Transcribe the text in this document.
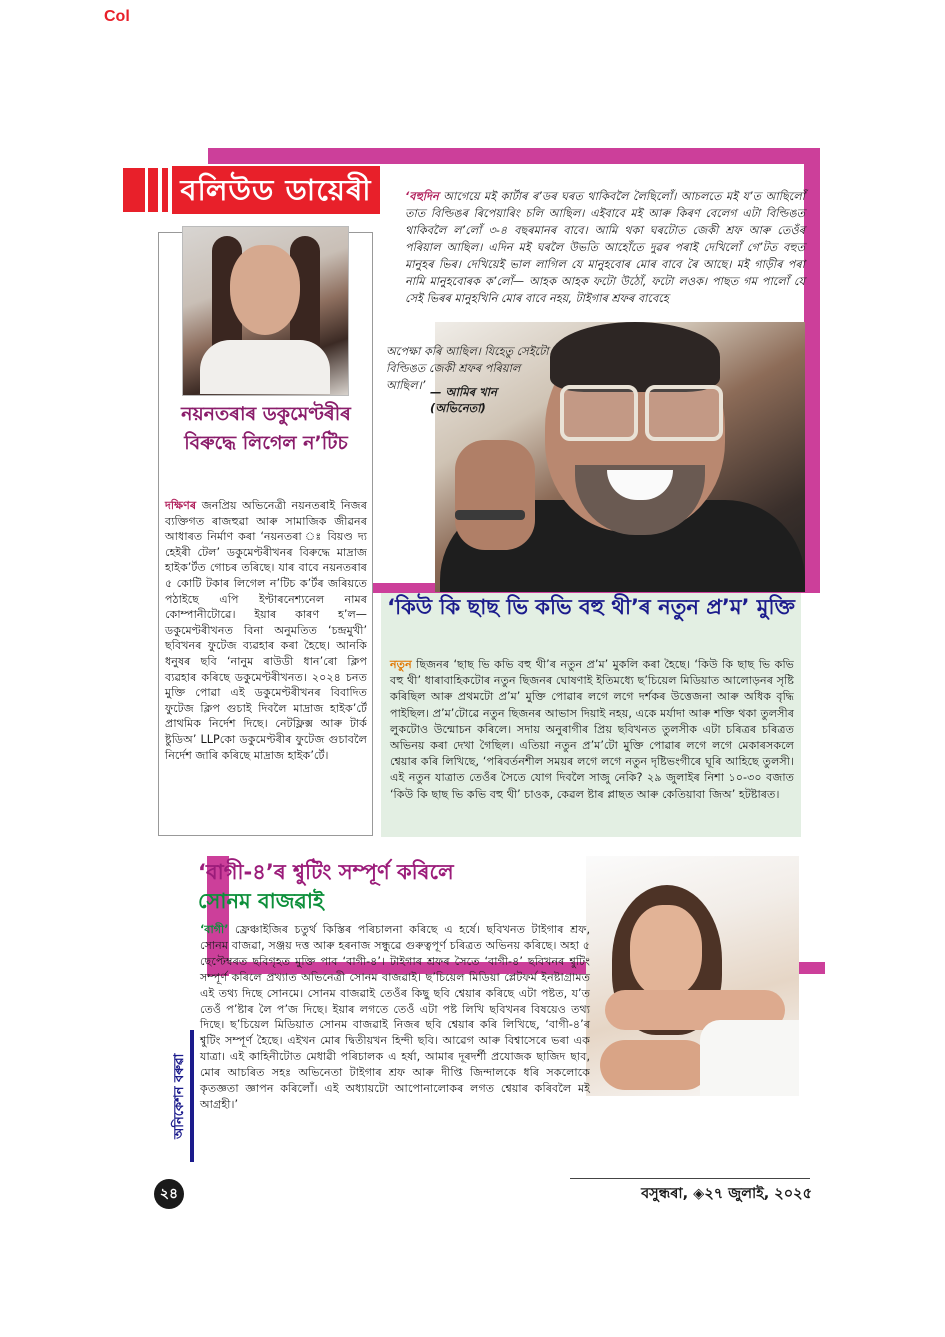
Col
বলিউড ডায়েৰী
নয়নতৰাৰ ডকুমেণ্টৰীৰ বিৰুদ্ধে লিগেল ন’টিচ
দক্ষিণৰ জনপ্ৰিয় অভিনেত্ৰী নয়নতৰাই নিজৰ ব্যক্তিগত ৰাজহুৱা আৰু সামাজিক জীৱনৰ আধাৰত নিৰ্মাণ কৰা ‘নয়নতৰা ঃ বিয়ণ্ড দ্য হেইৰী টেল’ ডকুমেণ্টৰীখনৰ বিৰুদ্ধে মাদ্ৰাজ হাইক’ৰ্টত গোচৰ তৰিছে। যাৰ বাবে নয়নতৰাৰ ৫ কোটি টকাৰ লিগেল ন’টিচ ক’ৰ্টৰ জৰিয়তে পঠাইছে এপি ইণ্টাৰনেশ্যনেল নামৰ কোম্পানীটোৱে। ইয়াৰ কাৰণ হ’ল— ডকুমেণ্টৰীখনত বিনা অনুমতিত ‘চন্দ্ৰমুখী’ ছবিখনৰ ফুটেজ ব্যৱহাৰ কৰা হৈছে। আনকি ধনুষৰ ছবি ‘নানুম ৰাউডী ধান’ৰো ক্লিপ ব্যৱহাৰ কৰিছে ডকুমেণ্টৰীখনত। ২০২৪ চনত মুক্তি পোৱা এই ডকুমেণ্টৰীখনৰ বিবাদিত ফুটেজ ক্লিপ গুচাই দিবলৈ মাদ্ৰাজ হাইক’ৰ্টে প্ৰাথমিক নিৰ্দেশ দিছে। নেটফ্লিক্স আৰু টাৰ্ক ষ্টুডিঅ’ LLPকো ডকুমেণ্টৰীৰ ফুটেজ গুচাবলৈ নিৰ্দেশ জাৰি কৰিছে মাদ্ৰাজ হাইক’ৰ্টে।
‘বহুদিন আগেয়ে মই কাৰ্টাৰ ৰ’ডৰ ঘৰত থাকিবলৈ লৈছিলোঁ। আচলতে মই য’ত আছিলোঁ তাত বিল্ডিঙৰ ৰিপেয়াৰিং চলি আছিল। এইবাবে মই আৰু কিৰণ বেলেগ এটা বিল্ডিঙত থাকিবলৈ ল’লোঁ ৩-৪ বছৰমানৰ বাবে। আমি থকা ঘৰটোত জেকী শ্ৰফ আৰু তেওঁৰ পৰিয়াল আছিল। এদিন মই ঘৰলৈ উভতি আহোঁতে দুৱৰ পৰাই দেখিলোঁ গে’টত বহুত মানুহৰ ভিৰ। দেখিয়েই ভাল লাগিল যে মানুহবোৰ মোৰ বাবে ৰৈ আছে। মই গাড়ীৰ পৰা নামি মানুহবোৰক ক’লোঁ— আহক আহক ফটো উঠোঁ, ফটো লওক। পাছত গম পালোঁ যে সেই ভিৰৰ মানুহখিনি মোৰ বাবে নহয়, টাইগাৰ শ্ৰফৰ বাবেহে
অপেক্ষা কৰি আছিল। যিহেতু সেইটো বিল্ডিঙত জেকী শ্ৰফৰ পৰিয়াল আছিল।’ — আমিৰ খান
(অভিনেতা)
‘কিউ কি ছাছ ভি কভি বহু থী’ৰ নতুন প্ৰ’ম’ মুক্তি
নতুন ছিজনৰ ‘ছাছ ভি কভি বহু থী’ৰ নতুন প্ৰ’ম’ মুকলি কৰা হৈছে। ‘কিউ কি ছাছ ভি কভি বহু থী’ ধাৰাবাহিকটোৰ নতুন ছিজনৰ ঘোষণাই ইতিমধ্যে ছ’চিয়েল মিডিয়াত আলোড়নৰ সৃষ্টি কৰিছিল আৰু প্ৰথমটো প্ৰ’ম’ মুক্তি পোৱাৰ লগে লগে দৰ্শকৰ উত্তেজনা আৰু অধিক বৃদ্ধি পাইছিল। প্ৰ’ম’টোৱে নতুন ছিজনৰ আভাস দিয়াই নহয়, একে মৰ্যাদা আৰু শক্তি থকা তুলসীৰ লুকটোও উন্মোচন কৰিলে। সদায় অনুৰাগীৰ প্ৰিয় ছবিখনত তুলসীক এটা চৰিত্ৰৰ চৰিত্ৰত অভিনয় কৰা দেখা গৈছিল। এতিয়া নতুন প্ৰ’ম’টো মুক্তি পোৱাৰ লগে লগে মেকাৰসকলে শ্বেয়াৰ কৰি লিখিছে, ‘পৰিবৰ্তনশীল সময়ৰ লগে লগে নতুন দৃষ্টিভংগীৰে ঘূৰি আহিছে তুলসী। এই নতুন যাত্ৰাত তেওঁৰ সৈতে যোগ দিবলৈ সাজু নেকি? ২৯ জুলাইৰ নিশা ১০-৩০ বজাত ‘কিউ কি ছাছ ভি কভি বহু থী’ চাওক, কেৱল ষ্টাৰ প্লাছত আৰু কেতিয়াবা জিঅ’ হটষ্টাৰত।
‘বাগী-৪’ৰ শ্বুটিং সম্পূৰ্ণ কৰিলে
সোনম বাজৱাই
‘বাগী’ ফ্ৰেঞ্চাইজিৰ চতুৰ্থ কিস্তিৰ পৰিচালনা কৰিছে এ হৰ্ষে। ছবিখনত টাইগাৰ শ্ৰফ, সোনম বাজৱা, সঞ্জয় দত্ত আৰু হৰনাজ সন্ধুৱে গুৰুত্বপূৰ্ণ চৰিত্ৰত অভিনয় কৰিছে। অহা ৫ ছেপ্টেম্বৰত ছবিগৃহত মুক্তি পাব ‘বাগী-৪’। টাইগাৰ শ্ৰফৰ সৈতে ‘বাগী-৪’ ছবিখনৰ শ্বুটিং সম্পূৰ্ণ কৰিলে প্ৰখ্যাত অভিনেত্ৰী সোনম বাজৱাই। ছ’চিয়েল মিডিয়া প্লেটফৰ্ম ইনষ্টাগ্ৰামত এই তথ্য দিছে সোনমে। সোনম বাজৱাই তেওঁৰ কিছু ছবি শ্বেয়াৰ কৰিছে এটা পষ্টত, য’ত তেওঁ প’ষ্টাৰ লৈ প’জ দিছে। ইয়াৰ লগতে তেওঁ এটা পষ্ট লিখি ছবিখনৰ বিষয়েও তথ্য দিছে। ছ’চিয়েল মিডিয়াত সোনম বাজৱাই নিজৰ ছবি শ্বেয়াৰ কৰি লিখিছে, ‘বাগী-৪’ৰ শ্বুটিং সম্পূৰ্ণ হৈছে। এইখন মোৰ দ্বিতীয়খন হিন্দী ছবি। আৱেগ আৰু বিশ্বাসেৰে ভৰা এক যাত্ৰা। এই কাহিনীটোত মেধাৱী পৰিচালক এ হৰ্ষা, আমাৰ দূৰদৰ্শী প্ৰযোজক ছাজিদ ছাব, মোৰ আচৰিত সহঃ অভিনেতা টাইগাৰ শ্ৰফ আৰু দীপ্তি জিন্দালকে ধৰি সকলোকে কৃতজ্ঞতা জ্ঞাপন কৰিলোঁ। এই অধ্যায়টো আপোনালোকৰ লগত শ্বেয়াৰ কৰিবলৈ মই আগ্ৰহী।’
অনিকেশন বৰুৱা
২৪	বসুন্ধৰা, ◈২৭ জুলাই, ২০২৫
